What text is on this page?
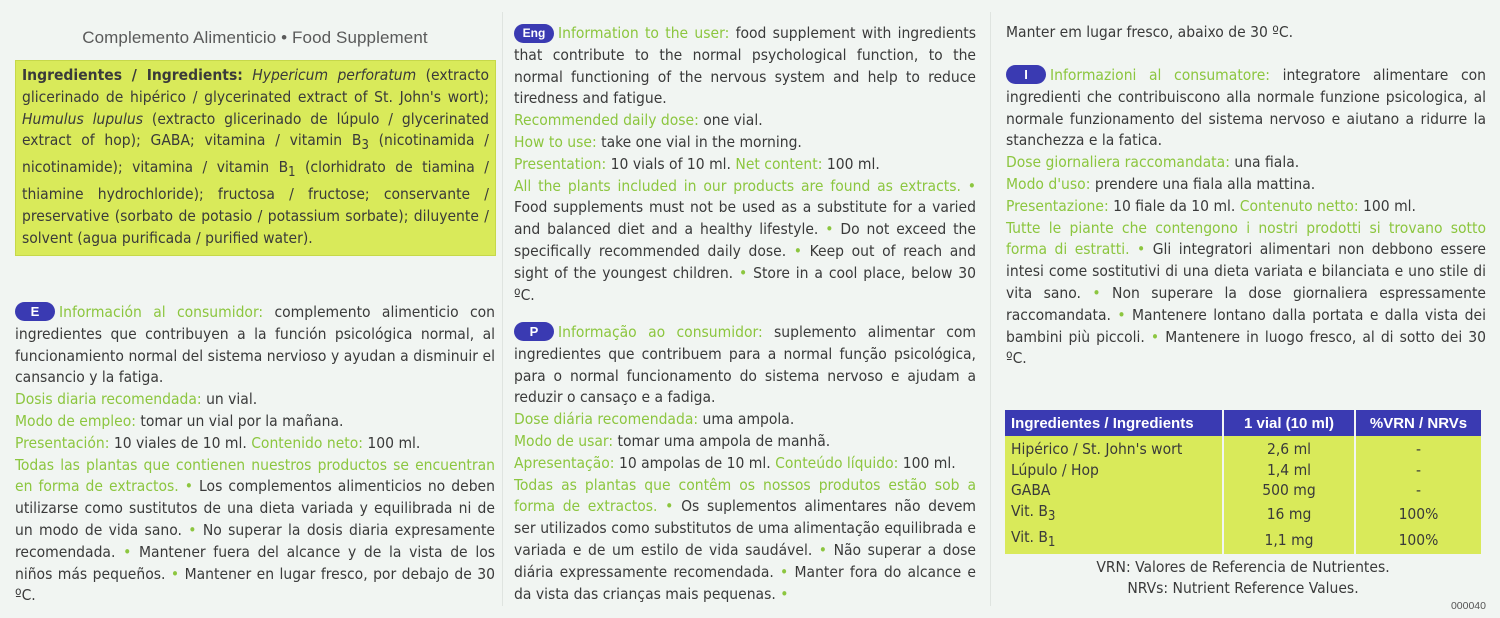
Complemento Alimenticio • Food Supplement

Ingredientes / Ingredients: Hypericum perforatum (extracto glicerinado de hipérico / glycerinated extract of St. John's wort); Humulus lupulus (extracto glicerinado de lúpulo / glycerinated extract of hop); GABA; vitamina / vitamin $B_3$ (nicotinamida / nicotinamide); vitamina / vitamin $B_1$ (clorhidrato de tiamina / thiamine hydrochloride); fructosa / fructose; conservante / preservative (sorbato de potasio / potassium sorbate); diluyente / solvent (agua purificada / purified water).

E Información al consumidor: complemento alimenticio con ingredientes que contribuyen a la función psicológica normal, al funcionamiento normal del sistema nervioso y ayudan a disminuir el cansancio y la fatiga.
Dosis diaria recomendada: un vial.
Modo de empleo: tomar un vial por la mañana.
Presentación: 10 viales de 10 ml. Contenido neto: 100 ml.
Todas las plantas que contienen nuestros productos se encuentran en forma de extractos. • Los complementos alimenticios no deben utilizarse como sustitutos de una dieta variada y equilibrada ni de un modo de vida sano. • No superar la dosis diaria expresamente recomendada. • Mantener fuera del alcance y de la vista de los niños más pequeños. • Mantener en lugar fresco, por debajo de 30 ºC.

Eng Information to the user: food supplement with ingredients that contribute to the normal psychological function, to the normal functioning of the nervous system and help to reduce tiredness and fatigue.
Recommended daily dose: one vial.
How to use: take one vial in the morning.
Presentation: 10 vials of 10 ml. Net content: 100 ml.
All the plants included in our products are found as extracts. • Food supplements must not be used as a substitute for a varied and balanced diet and a healthy lifestyle. • Do not exceed the specifically recommended daily dose. • Keep out of reach and sight of the youngest children. • Store in a cool place, below 30 ºC.

P Informação ao consumidor: suplemento alimentar com ingredientes que contribuem para a normal função psicológica, para o normal funcionamento do sistema nervoso e ajudam a reduzir o cansaço e a fadiga.
Dose diária recomendada: uma ampola.
Modo de usar: tomar uma ampola de manhã.
Apresentação: 10 ampolas de 10 ml. Conteúdo líquido: 100 ml.
Todas as plantas que contêm os nossos produtos estão sob a forma de extractos. • Os suplementos alimentares não devem ser utilizados como substitutos de uma alimentação equilibrada e variada e de um estilo de vida saudável. • Não superar a dose diária expressamente recomendada. • Manter fora do alcance e da vista das crianças mais pequenas. •

Manter em lugar fresco, abaixo de 30 ºC.

I Informazioni al consumatore: integratore alimentare con ingredienti che contribuiscono alla normale funzione psicologica, al normale funzionamento del sistema nervoso e aiutano a ridurre la stanchezza e la fatica.
Dose giornaliera raccomandata: una fiala.
Modo d'uso: prendere una fiala alla mattina.
Presentazione: 10 fiale da 10 ml. Contenuto netto: 100 ml.
Tutte le piante che contengono i nostri prodotti si trovano sotto forma di estratti. • Gli integratori alimentari non debbono essere intesi come sostitutivi di una dieta variata e bilanciata e uno stile di vita sano. • Non superare la dose giornaliera espressamente raccomandata. • Mantenere lontano dalla portata e dalla vista dei bambini più piccoli. • Mantenere in luogo fresco, al di sotto dei 30 ºC.

Ingredientes / Ingredients	1 vial (10 ml)	%VRN / NRVs
Hipérico / St. John's wort	2,6 ml	-
Lúpulo / Hop	1,4 ml	-
GABA	500 mg	-
Vit. $B_3$	16 mg	100%
Vit. $B_1$	1,1 mg	100%
VRN: Valores de Referencia de Nutrientes.
NRVs: Nutrient Reference Values.
000040
